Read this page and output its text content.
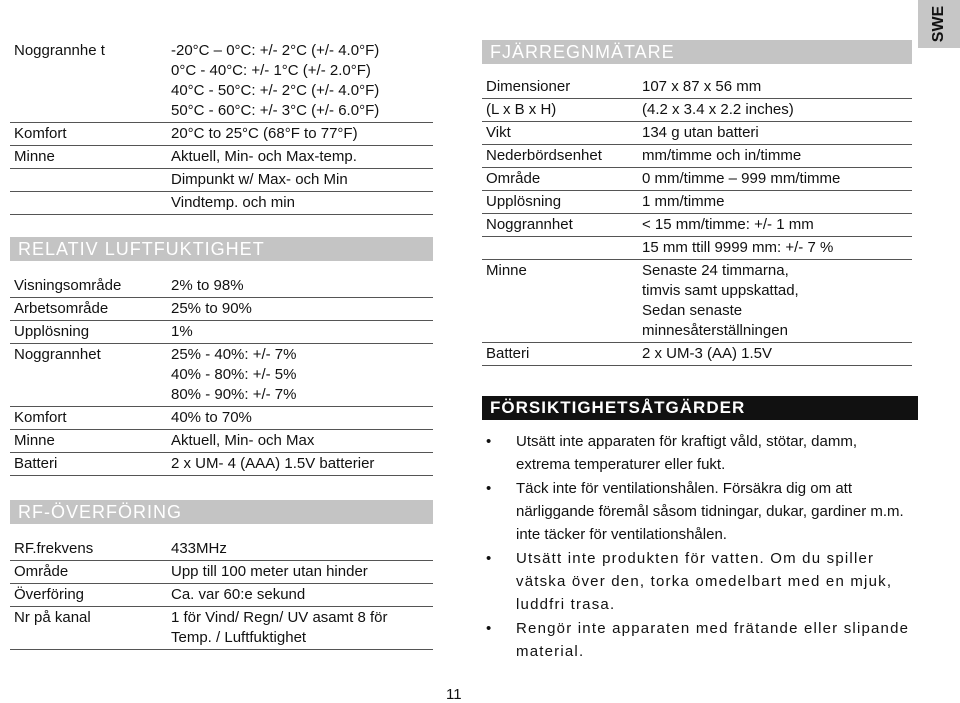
SWE
Noggrannhe t	-20°C – 0°C: +/- 2°C (+/- 4.0°F)
0°C - 40°C: +/- 1°C (+/- 2.0°F)
40°C - 50°C: +/- 2°C (+/- 4.0°F)
50°C - 60°C: +/- 3°C (+/- 6.0°F)

Komfort	20°C to 25°C (68°F to 77°F)

Minne	Aktuell, Min- och Max-temp.

	Dimpunkt w/ Max- och Min

	Vindtemp. och min
RELATIV LUFTFUKTIGHET
Visningsområde	2% to 98%

Arbetsområde	25% to 90%

Upplösning	1%

Noggrannhet	25% - 40%: +/- 7%
40% - 80%: +/- 5%
80% - 90%: +/- 7%

Komfort	40% to 70%

Minne	Aktuell, Min- och Max

Batteri	2 x UM- 4 (AAA) 1.5V batterier
RF-ÖVERFÖRING
RF.frekvens	433MHz

Område	Upp till 100 meter utan hinder

Överföring	Ca. var 60:e sekund

Nr på kanal	1 för Vind/ Regn/ UV asamt 8 för
Temp. / Luftfuktighet
11
FJÄRREGNMÄTARE
Dimensioner	107 x 87 x 56 mm

(L x B x H)	(4.2 x 3.4 x 2.2 inches)

Vikt	134 g utan batteri

Nederbördsenhet	mm/timme och in/timme

Område	0 mm/timme – 999 mm/timme

Upplösning	1 mm/timme

Noggrannhet	< 15 mm/timme: +/- 1 mm

	15 mm ttill 9999 mm: +/- 7 %

Minne	Senaste 24 timmarna,
timvis samt uppskattad,
Sedan senaste
minnesåterställningen

Batteri	2 x UM-3 (AA) 1.5V
FÖRSIKTIGHETSÅTGÄRDER
• Utsätt inte apparaten för kraftigt våld, stötar, damm, extrema temperaturer eller fukt.
• Täck inte för ventilationshålen. Försäkra dig om att närliggande föremål såsom tidningar, dukar, gardiner m.m. inte täcker för ventilationshålen.
• Utsätt inte produkten för vatten. Om du spiller vätska över den, torka omedelbart med en mjuk, luddfri trasa.
• Rengör inte apparaten med frätande eller slipande material.
